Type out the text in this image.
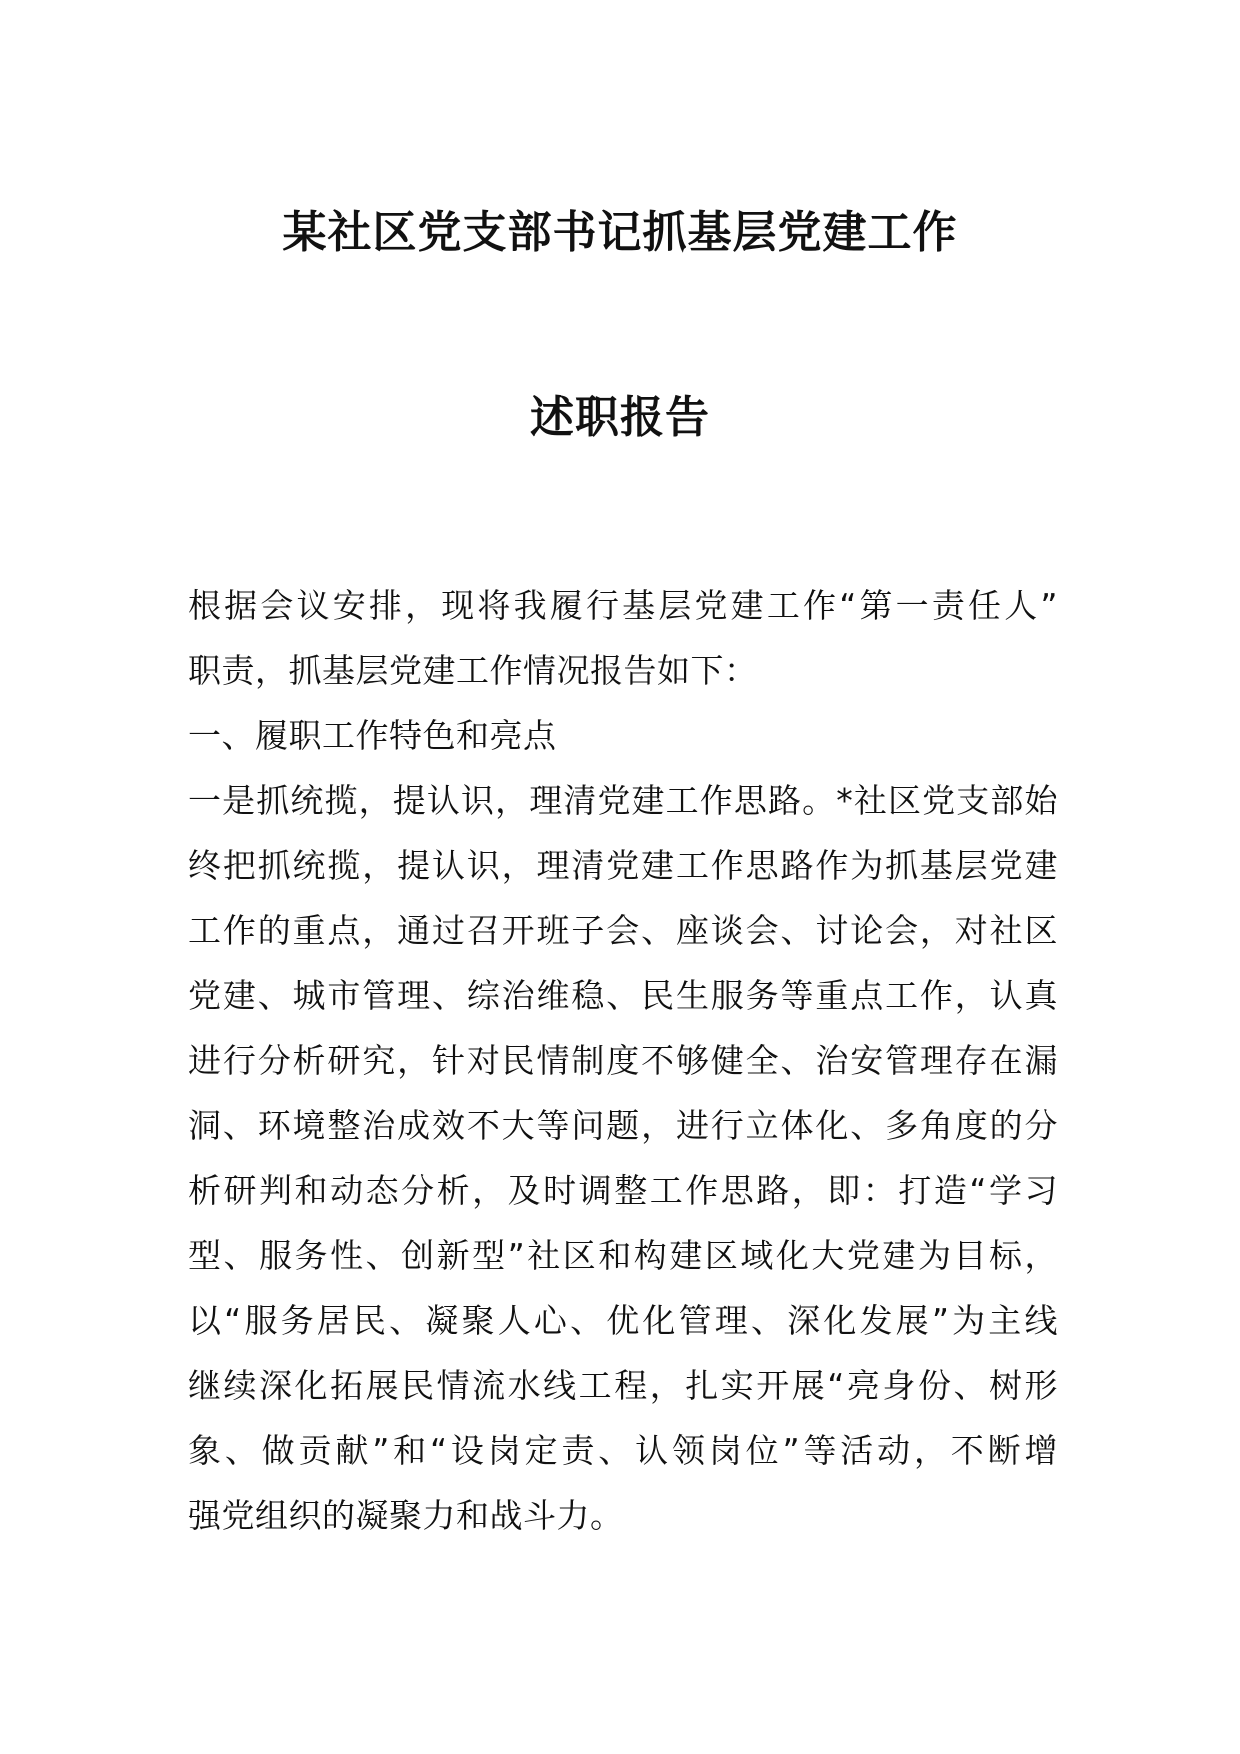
某社区党支部书记抓基层党建工作
述职报告
根据会议安排，现将我履行基层党建工作“第一责任人”
职责，抓基层党建工作情况报告如下：
一、履职工作特色和亮点
一是抓统揽，提认识，理清党建工作思路。*社区党支部始
终把抓统揽，提认识，理清党建工作思路作为抓基层党建
工作的重点，通过召开班子会、座谈会、讨论会，对社区
党建、城市管理、综治维稳、民生服务等重点工作，认真
进行分析研究，针对民情制度不够健全、治安管理存在漏
洞、环境整治成效不大等问题，进行立体化、多角度的分
析研判和动态分析，及时调整工作思路，即：打造“学习
型、服务性、创新型”社区和构建区域化大党建为目标，
以“服务居民、凝聚人心、优化管理、深化发展”为主线
继续深化拓展民情流水线工程，扎实开展“亮身份、树形
象、做贡献”和“设岗定责、认领岗位”等活动，不断增
强党组织的凝聚力和战斗力。
